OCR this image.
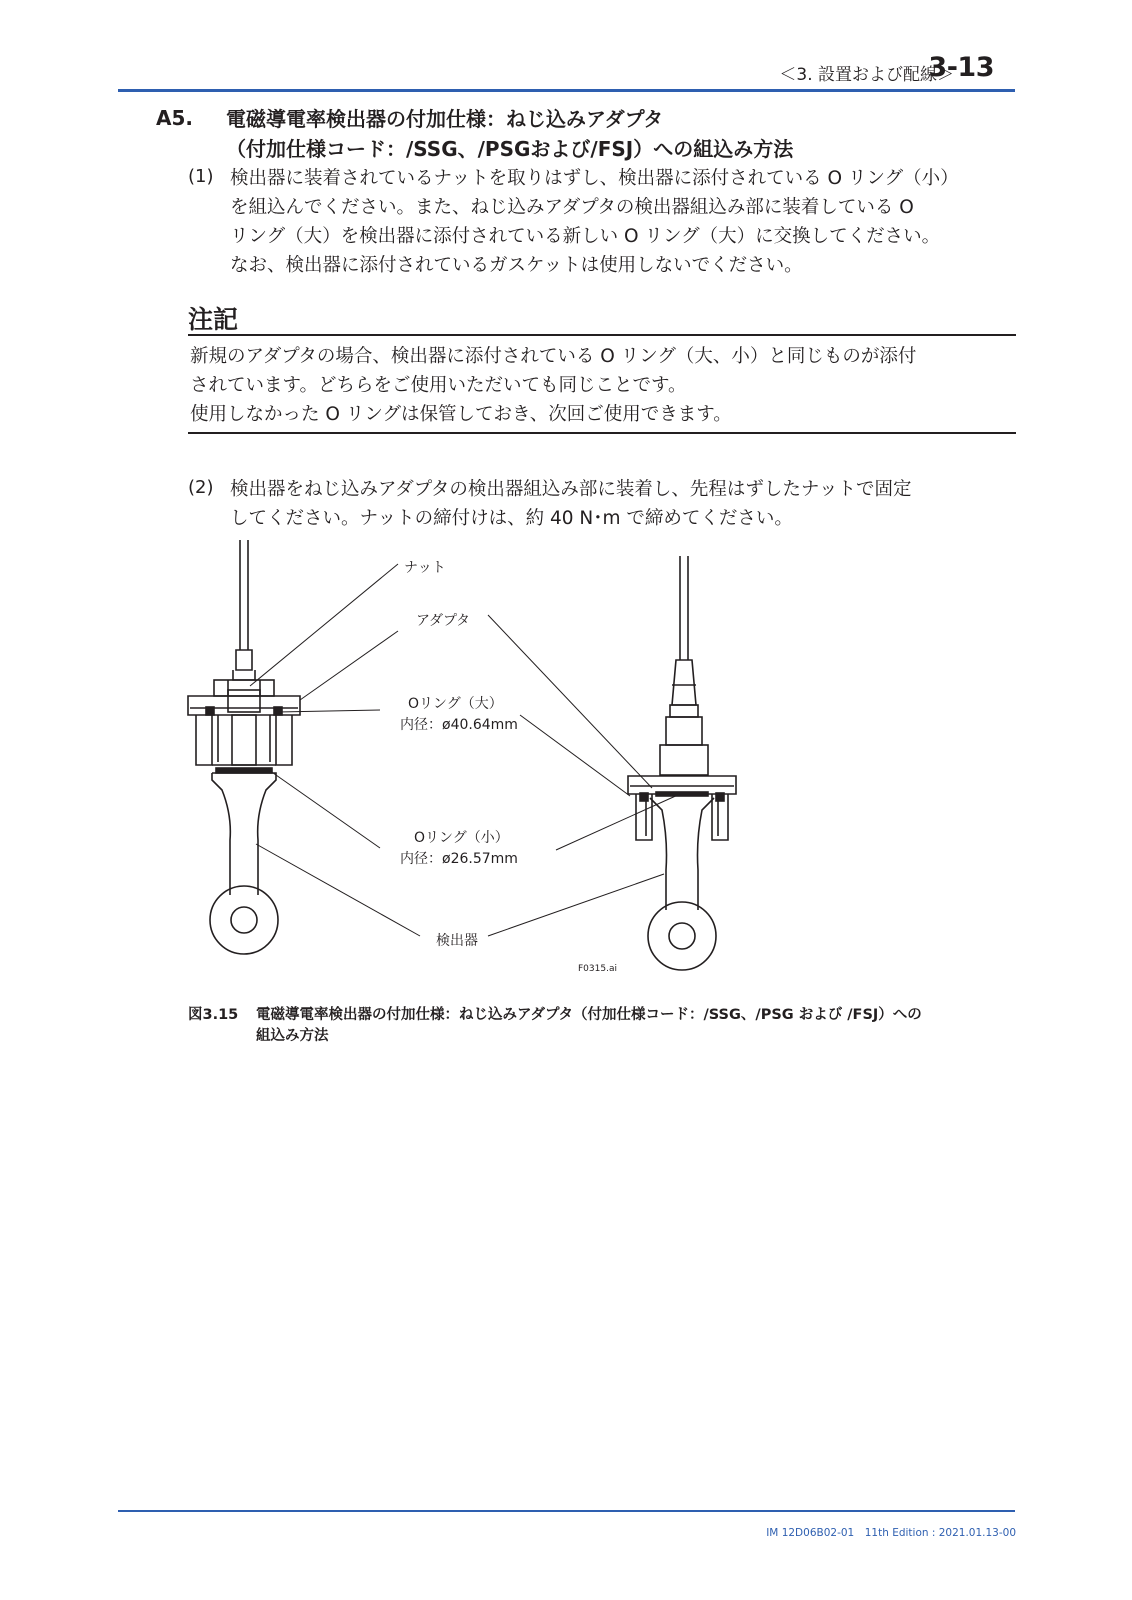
＜3. 設置および配線＞
3-13
A5. 電磁導電率検出器の付加仕様：ねじ込みアダプタ
（付加仕様コード：/SSG、/PSGおよび/FSJ）への組込み方法
(1) 検出器に装着されているナットを取りはずし、検出器に添付されている O リング（小）
を組込んでください。また、ねじ込みアダプタの検出器組込み部に装着している O
リング（大）を検出器に添付されている新しい O リング（大）に交換してください。
なお、検出器に添付されているガスケットは使用しないでください。
注記
新規のアダプタの場合、検出器に添付されている O リング（大、小）と同じものが添付
されています。どちらをご使用いただいても同じことです。
使用しなかった O リングは保管しておき、次回ご使用できます。
(2) 検出器をねじ込みアダプタの検出器組込み部に装着し、先程はずしたナットで固定
してください。ナットの締付けは、約 40 N･m で締めてください。
ナット
アダプタ
Oリング（大）
内径：ø40.64mm
Oリング（小）
内径：ø26.57mm
検出器
F0315.ai
図3.15 電磁導電率検出器の付加仕様：ねじ込みアダプタ（付加仕様コード：/SSG、/PSG および /FSJ）への
組込み方法
IM 12D06B02-01　11th Edition : 2021.01.13-00
